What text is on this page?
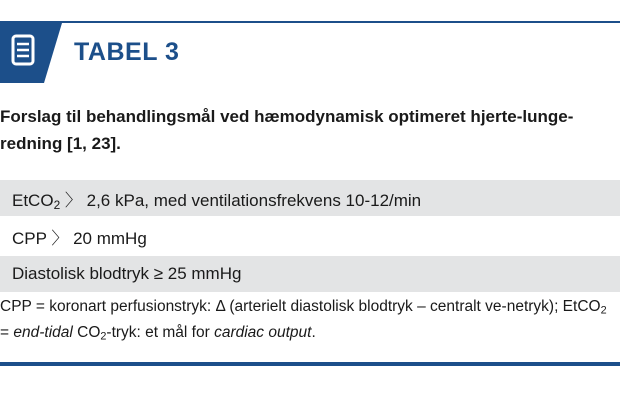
TABEL 3
Forslag til behandlingsmål ved hæmodynamisk optimeret hjerte-lunge-redning [1, 23].
EtCO$_2$ 〉 2,6 kPa, med ventilationsfrekvens 10-12/min
CPP 〉 20 mmHg
Diastolisk blodtryk ≥ 25 mmHg
CPP = koronart perfusionstryk: Δ (arterielt diastolisk blodtryk – centralt ve-netryk); EtCO$_2$ = end-tidal $CO_2$-tryk: et mål for cardiac output.
